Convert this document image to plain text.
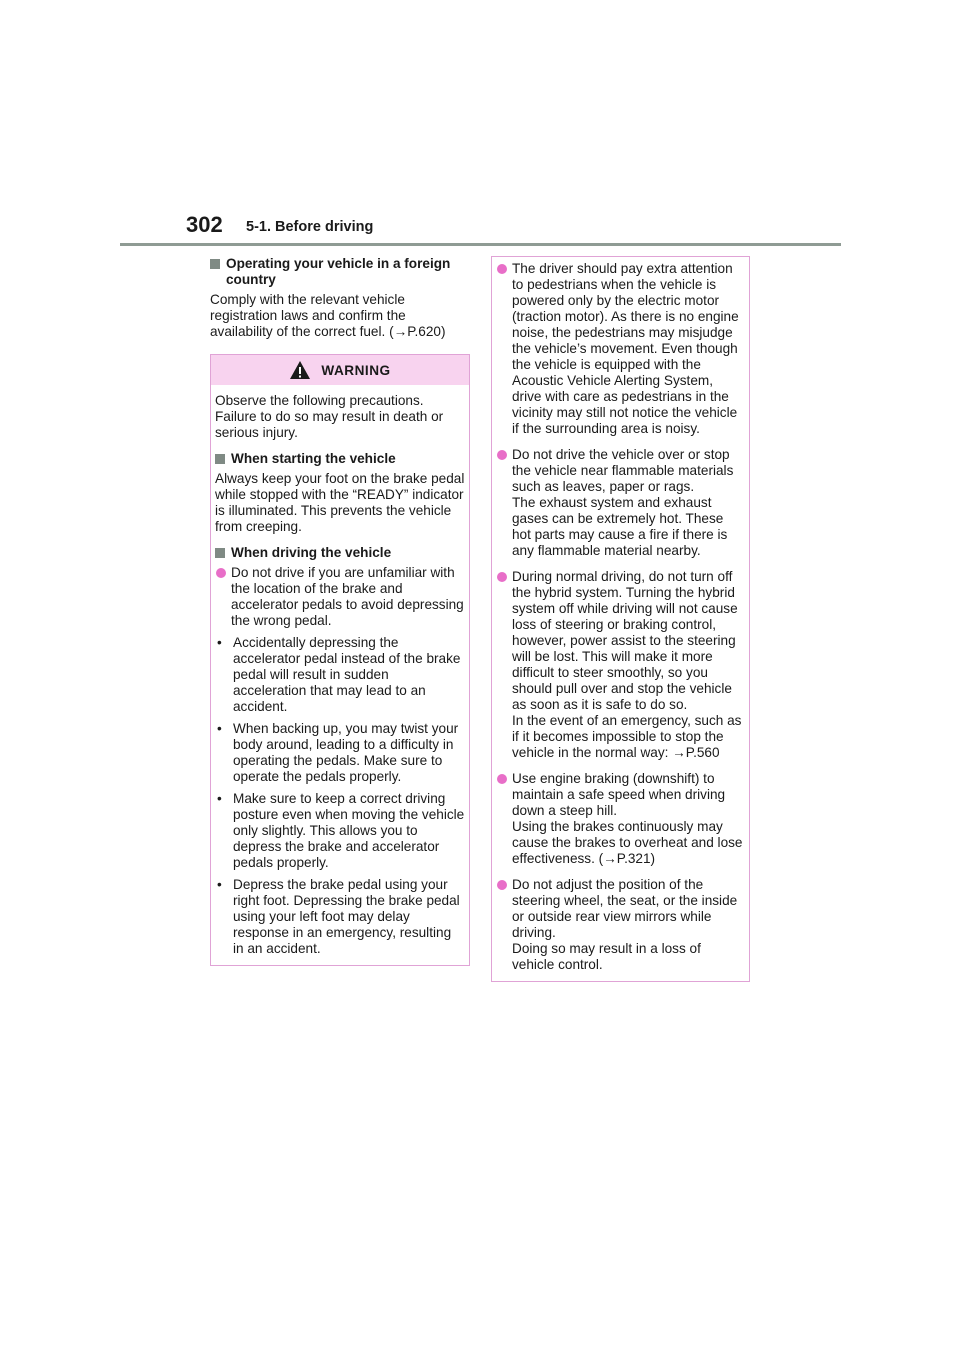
302 5-1. Before driving
Operating your vehicle in a foreign country

Comply with the relevant vehicle registration laws and confirm the availability of the correct fuel. (→P.620)

WARNING

Observe the following precautions. Failure to do so may result in death or serious injury.

When starting the vehicle

Always keep your foot on the brake pedal while stopped with the “READY” indicator is illuminated. This prevents the vehicle from creeping.

When driving the vehicle
Do not drive if you are unfamiliar with the location of the brake and accelerator pedals to avoid depressing the wrong pedal.
• Accidentally depressing the accelerator pedal instead of the brake pedal will result in sudden acceleration that may lead to an accident.
• When backing up, you may twist your body around, leading to a difficulty in operating the pedals. Make sure to operate the pedals properly.
• Make sure to keep a correct driving posture even when moving the vehicle only slightly. This allows you to depress the brake and accelerator pedals properly.
• Depress the brake pedal using your right foot. Depressing the brake pedal using your left foot may delay response in an emergency, resulting in an accident.
The driver should pay extra attention to pedestrians when the vehicle is powered only by the electric motor (traction motor). As there is no engine noise, the pedestrians may misjudge the vehicle’s movement. Even though the vehicle is equipped with the Acoustic Vehicle Alerting System, drive with care as pedestrians in the vicinity may still not notice the vehicle if the surrounding area is noisy.
Do not drive the vehicle over or stop the vehicle near flammable materials such as leaves, paper or rags.
The exhaust system and exhaust gases can be extremely hot. These hot parts may cause a fire if there is any flammable material nearby.
During normal driving, do not turn off the hybrid system. Turning the hybrid system off while driving will not cause loss of steering or braking control, however, power assist to the steering will be lost. This will make it more difficult to steer smoothly, so you should pull over and stop the vehicle as soon as it is safe to do so.
In the event of an emergency, such as if it becomes impossible to stop the vehicle in the normal way: →P.560
Use engine braking (downshift) to maintain a safe speed when driving down a steep hill.
Using the brakes continuously may cause the brakes to overheat and lose effectiveness. (→P.321)
Do not adjust the position of the steering wheel, the seat, or the inside or outside rear view mirrors while driving.
Doing so may result in a loss of vehicle control.
